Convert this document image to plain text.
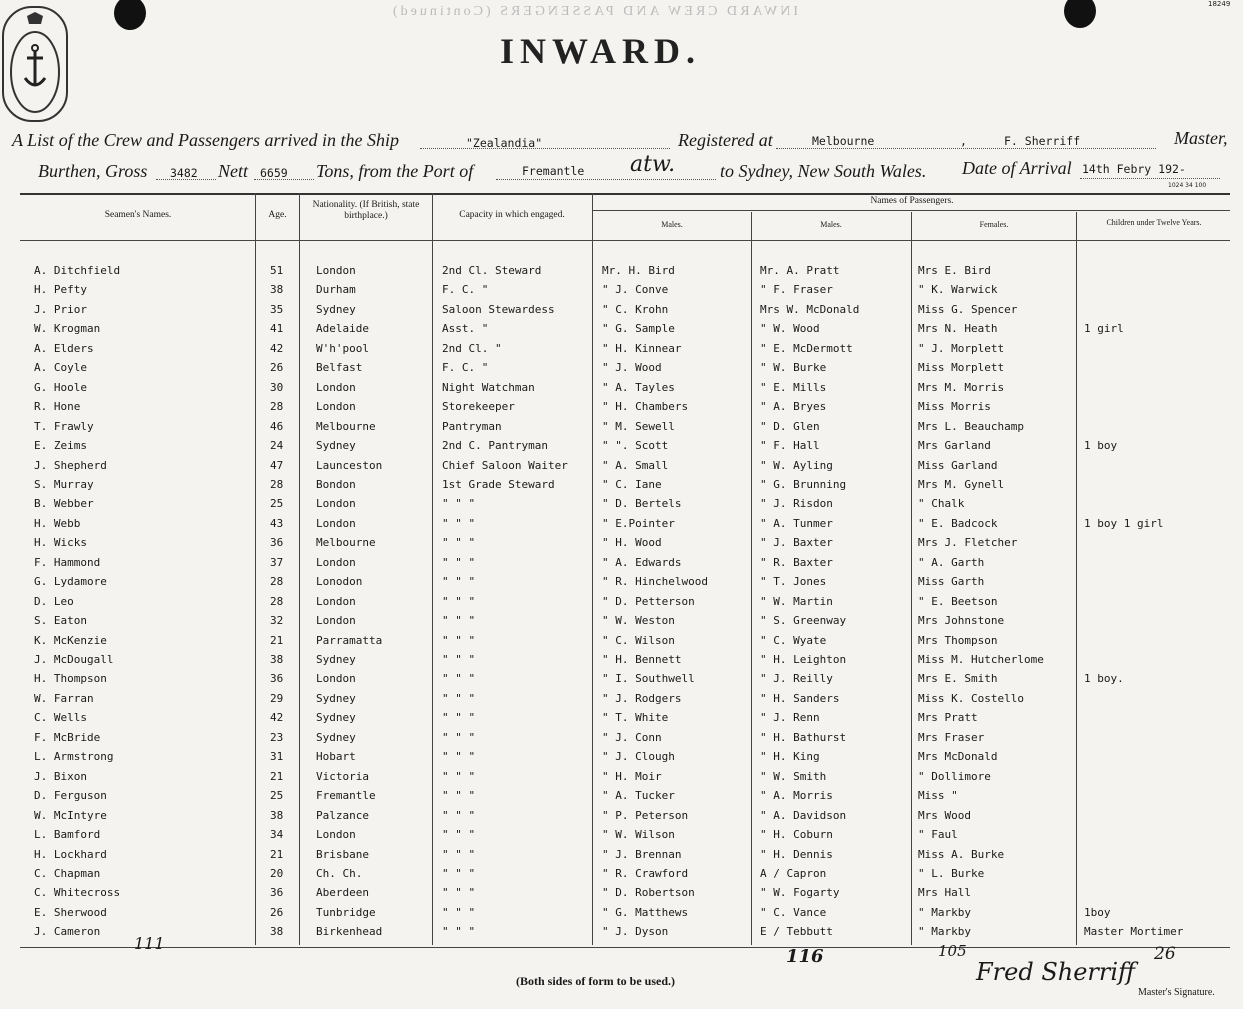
18249
INWARD CREW AND PASSENGERS (Continued)
INWARD.
A List of the Crew and Passengers arrived in the Ship	"Zealandia"	Registered at	Melbourne	,	F. Sherriff	Master,
Burthen, Gross 3482 Nett 6659 Tons, from the Port of	Fremantle atw. to Sydney, New South Wales. Date of Arrival 14th Febry 192-
1024 34 100
Seamen's Names.	Age.
Nationality. (If British, state birthplace.)	Capacity in which engaged.
Names of Passengers.
Males.	Males.	Females.	Children under Twelve Years.
A. Ditchfield	51	London	2nd Cl. Steward	Mr. H. Bird	Mr. A. Pratt	Mrs E. Bird
H. Pefty	38	Durham	F. C. "	" J. Conve	" F. Fraser	" K. Warwick
J. Prior	35	Sydney	Saloon Stewardess	" C. Krohn	Mrs W. McDonald	Miss G. Spencer
W. Krogman	41	Adelaide	Asst. "	" G. Sample	" W. Wood	Mrs N. Heath	1 girl
A. Elders	42	W'h'pool	2nd Cl. "	" H. Kinnear	" E. McDermott	" J. Morplett
A. Coyle	26	Belfast	F. C. "	" J. Wood	" W. Burke	Miss Morplett
G. Hoole	30	London	Night Watchman	" A. Tayles	" E. Mills	Mrs M. Morris
R. Hone	28	London	Storekeeper	" H. Chambers	" A. Bryes	Miss Morris
T. Frawly	46	Melbourne	Pantryman	" M. Sewell	" D. Glen	Mrs L. Beauchamp
E. Zeims	24	Sydney	2nd C. Pantryman	" ". Scott	" F. Hall	Mrs Garland	1 boy
J. Shepherd	47	Launceston	Chief Saloon Waiter	" A. Small	" W. Ayling	Miss Garland
S. Murray	28	Bondon	1st Grade Steward	" C. Iane	" G. Brunning	Mrs M. Gynell
B. Webber	25	London	" " "	" D. Bertels	" J. Risdon	" Chalk
H. Webb	43	London	" " "	" E.Pointer	" A. Tunmer	" E. Badcock	1 boy 1 girl
H. Wicks	36	Melbourne	" " "	" H. Wood	" J. Baxter	Mrs J. Fletcher
F. Hammond	37	London	" " "	" A. Edwards	" R. Baxter	" A. Garth
G. Lydamore	28	Lonodon	" " "	" R. Hinchelwood	" T. Jones	Miss Garth
D. Leo	28	London	" " "	" D. Petterson	" W. Martin	" E. Beetson
S. Eaton	32	London	" " "	" W. Weston	" S. Greenway	Mrs Johnstone
K. McKenzie	21	Parramatta	" " "	" C. Wilson	" C. Wyate	Mrs Thompson
J. McDougall	38	Sydney	" " "	" H. Bennett	" H. Leighton	Miss M. Hutcherlome
H. Thompson	36	London	" " "	" I. Southwell	" J. Reilly	Mrs E. Smith	1 boy.
W. Farran	29	Sydney	" " "	" J. Rodgers	" H. Sanders	Miss K. Costello
C. Wells	42	Sydney	" " "	" T. White	" J. Renn	Mrs Pratt
F. McBride	23	Sydney	" " "	" J. Conn	" H. Bathurst	Mrs Fraser
L. Armstrong	31	Hobart	" " "	" J. Clough	" H. King	Mrs McDonald
J. Bixon	21	Victoria	" " "	" H. Moir	" W. Smith	" Dollimore
D. Ferguson	25	Fremantle	" " "	" A. Tucker	" A. Morris	Miss "
W. McIntyre	38	Palzance	" " "	" P. Peterson	" A. Davidson	Mrs Wood
L. Bamford	34	London	" " "	" W. Wilson	" H. Coburn	" Faul
H. Lockhard	21	Brisbane	" " "	" J. Brennan	" H. Dennis	Miss A. Burke
C. Chapman	20	Ch. Ch.	" " "	" R. Crawford	A / Capron	" L. Burke
C. Whitecross	36	Aberdeen	" " "	" D. Robertson	" W. Fogarty	Mrs Hall
E. Sherwood	26	Tunbridge	" " "	" G. Matthews	" C. Vance	" Markby	1boy
J. Cameron	38	Birkenhead	" " "	" J. Dyson	E / Tebbutt	" Markby	Master Mortimer
111
116	105	26
(Both sides of form to be used.)	Fred Sherriff
Master's Signature.
